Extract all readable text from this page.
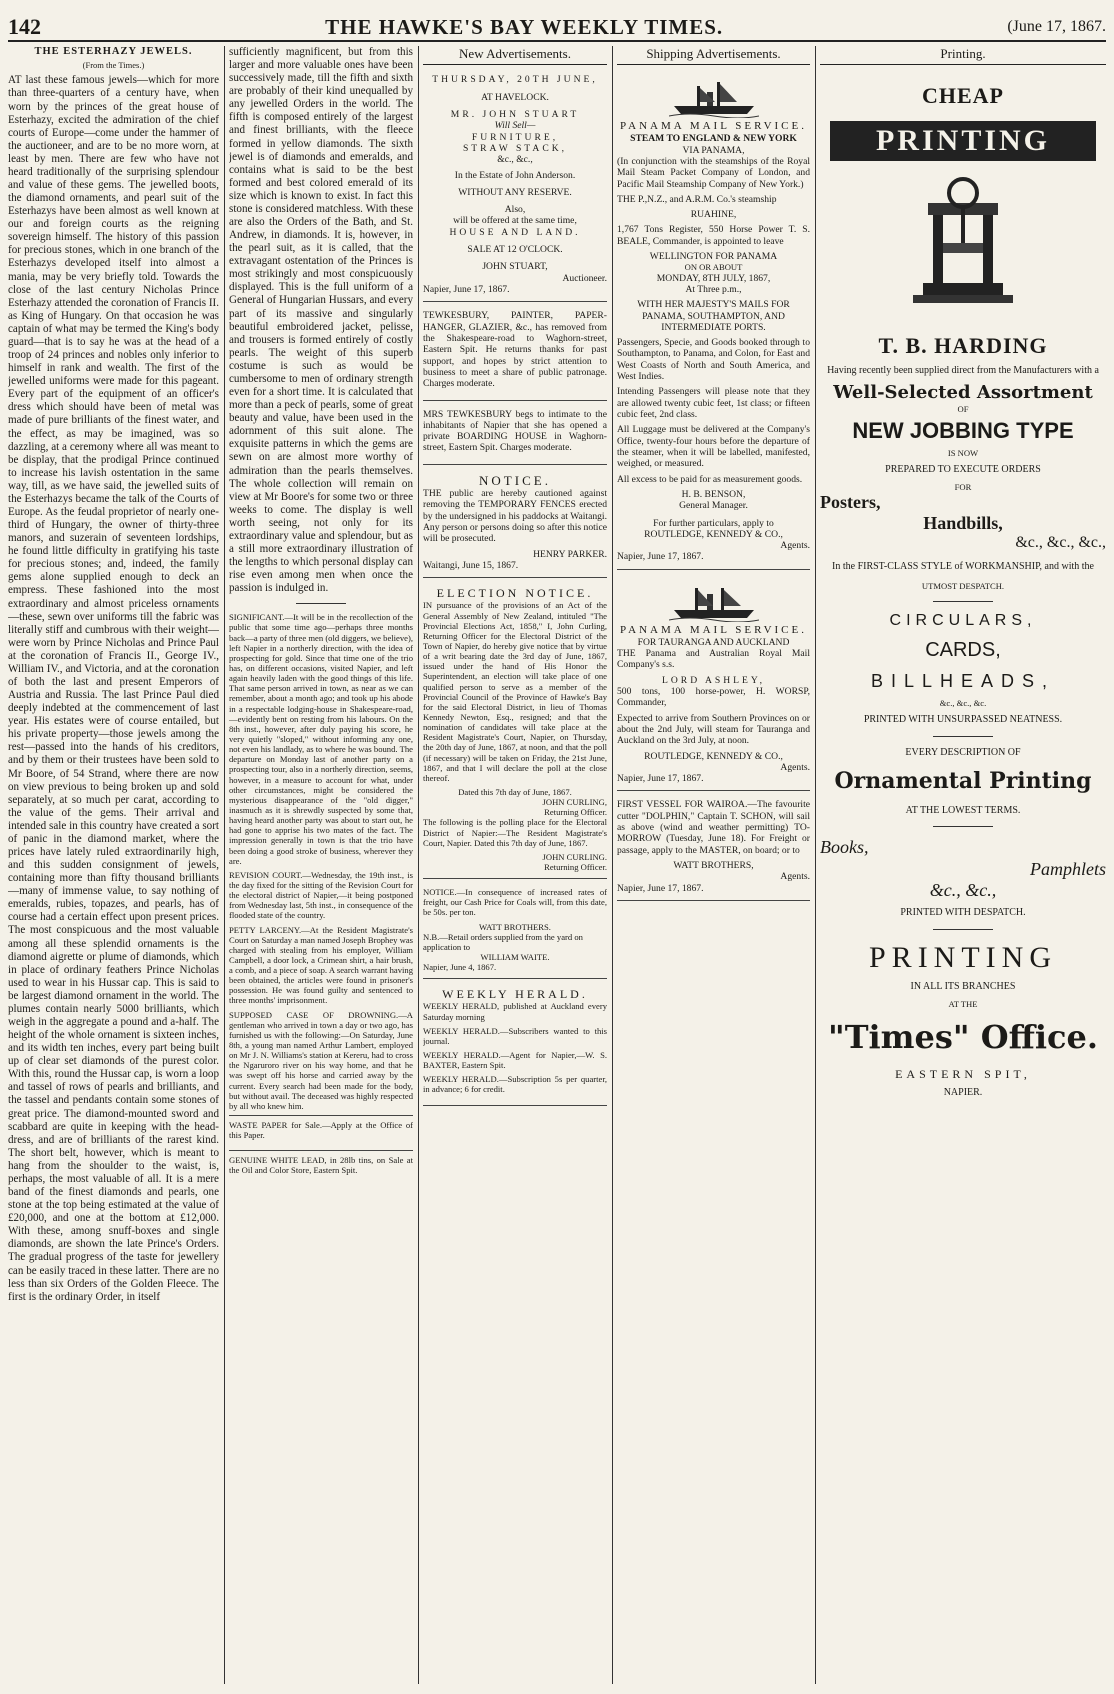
142	THE HAWKE'S BAY WEEKLY TIMES.	(June 17, 1867.
THE ESTERHAZY JEWELS.
(From the Times.)

AT last these famous jewels—which for more than three-quarters of a century have, when worn by the princes of the great house of Esterhazy, excited the admiration of the chief courts of Europe—come under the hammer of the auctioneer, and are to be no more worn, at least by men. There are few who have not heard traditionally of the surprising splendour and value of these gems. The jewelled boots, the diamond ornaments, and pearl suit of the Esterhazys have been almost as well known at our and foreign courts as the reigning sovereign himself. The history of this passion for precious stones, which in one branch of the Esterhazys developed itself into almost a mania, may be very briefly told. Towards the close of the last century Nicholas Prince Esterhazy attended the coronation of Francis II. as King of Hungary. On that occasion he was captain of what may be termed the King's body guard—that is to say he was at the head of a troop of 24 princes and nobles only inferior to himself in rank and wealth. The first of the jewelled uniforms were made for this pageant. Every part of the equipment of an officer's dress which should have been of metal was made of pure brilliants of the finest water, and the effect, as may be imagined, was so dazzling, at a ceremony where all was meant to be display, that the prodigal Prince continued to increase his lavish ostentation in the same way, till, as we have said, the jewelled suits of the Esterhazys became the talk of the Courts of Europe. As the feudal proprietor of nearly one-third of Hungary, the owner of thirty-three manors, and suzerain of seventeen lordships, he found little difficulty in gratifying his taste for precious stones; and, indeed, the family gems alone supplied enough to deck an empress. These fashioned into the most extraordinary and almost priceless ornaments—these, sewn over uniforms till the fabric was literally stiff and cumbrous with their weight—were worn by Prince Nicholas and Prince Paul at the coronation of Francis II., George IV., William IV., and Victoria, and at the coronation of both the last and present Emperors of Austria and Russia. The last Prince Paul died deeply indebted at the commencement of last year. His estates were of course entailed, but his private property—those jewels among the rest—passed into the hands of his creditors, and by them or their trustees have been sold to Mr Boore, of 54 Strand, where there are now on view previous to being broken up and sold separately, at so much per carat, according to the value of the gems. Their arrival and intended sale in this country have created a sort of panic in the diamond market, where the prices have lately ruled extraordinarily high, and this sudden consignment of jewels, containing more than fifty thousand brilliants—many of immense value, to say nothing of emeralds, rubies, topazes, and pearls, has of course had a certain effect upon present prices. The most conspicuous and the most valuable among all these splendid ornaments is the diamond aigrette or plume of diamonds, which in place of ordinary feathers Prince Nicholas used to wear in his Hussar cap. This is said to be largest diamond ornament in the world. The plumes contain nearly 5000 brilliants, which weigh in the aggregate a pound and a-half. The height of the whole ornament is sixteen inches, and its width ten inches, every part being built up of clear set diamonds of the purest color. With this, round the Hussar cap, is worn a loop and tassel of rows of pearls and brilliants, and the tassel and pendants contain some stones of great price. The diamond-mounted sword and scabbard are quite in keeping with the head-dress, and are of brilliants of the rarest kind. The short belt, however, which is meant to hang from the shoulder to the waist, is, perhaps, the most valuable of all. It is a mere band of the finest diamonds and pearls, one stone at the top being estimated at the value of £20,000, and one at the bottom at £12,000. With these, among snuff-boxes and single diamonds, are shown the late Prince's Orders. The gradual progress of the taste for jewellery can be easily traced in these latter. There are no less than six Orders of the Golden Fleece. The first is the ordinary Order, in itself

sufficiently magnificent, but from this larger and more valuable ones have been successively made, till the fifth and sixth are probably of their kind unequalled by any jewelled Orders in the world. The fifth is composed entirely of the largest and finest brilliants, with the fleece formed in yellow diamonds. The sixth jewel is of diamonds and emeralds, and contains what is said to be the best formed and best colored emerald of its size which is known to exist. In fact this stone is considered matchless. With these are also the Orders of the Bath, and St. Andrew, in diamonds. It is, however, in the pearl suit, as it is called, that the extravagant ostentation of the Princes is most strikingly and most conspicuously displayed. This is the full uniform of a General of Hungarian Hussars, and every part of its massive and singularly beautiful embroidered jacket, pelisse, and trousers is formed entirely of costly pearls. The weight of this superb costume is such as would be cumbersome to men of ordinary strength even for a short time. It is calculated that more than a peck of pearls, some of great beauty and value, have been used in the adornment of this suit alone. The exquisite patterns in which the gems are sewn on are almost more worthy of admiration than the pearls themselves. The whole collection will remain on view at Mr Boore's for some two or three weeks to come. The display is well worth seeing, not only for its extraordinary value and splendour, but as a still more extraordinary illustration of the lengths to which personal display can rise even among men when once the passion is indulged in.

SIGNIFICANT.—It will be in the recollection of the public that some time ago—perhaps three months back—a party of three men (old diggers, we believe), left Napier in a northerly direction, with the idea of prospecting for gold. Since that time one of the trio has, on different occasions, visited Napier, and left again heavily laden with the good things of this life. That same person arrived in town, as near as we can remember, about a month ago; and took up his abode in a respectable lodging-house in Shakespeare-road,—evidently bent on resting from his labours. On the 8th inst., however, after duly paying his score, he very quietly "sloped," without informing any one, not even his landlady, as to where he was bound. The departure on Monday last of another party on a prospecting tour, also in a northerly direction, seems, however, in a measure to account for what, under other circumstances, might be considered the mysterious disappearance of the "old digger," inasmuch as it is shrewdly suspected by some that, having heard another party was about to start out, he had gone to apprise his two mates of the fact. The impression generally in town is that the trio have been doing a good stroke of business, wherever they are.

REVISION COURT.—Wednesday, the 19th inst., is the day fixed for the sitting of the Revision Court for the electoral district of Napier,—it being postponed from Wednesday last, 5th inst., in consequence of the flooded state of the country.

PETTY LARCENY.—At the Resident Magistrate's Court on Saturday a man named Joseph Brophey was charged with stealing from his employer, William Campbell, a door lock, a Crimean shirt, a hair brush, a comb, and a piece of soap. A search warrant having been obtained, the articles were found in prisoner's possession. He was found guilty and sentenced to three months' imprisonment.

SUPPOSED CASE OF DROWNING.—A gentleman who arrived in town a day or two ago, has furnished us with the following:—On Saturday, June 8th, a young man named Arthur Lambert, employed on Mr J. N. Williams's station at Kereru, had to cross the Ngaruroro river on his way home, and that he was swept off his horse and carried away by the current. Every search had been made for the body, but without avail. The deceased was highly respected by all who knew him.

WASTE PAPER for Sale.—Apply at the Office of this Paper.

GENUINE WHITE LEAD, in 28lb tins, on Sale at the Oil and Color Store, Eastern Spit.

New Advertisements.
THURSDAY, 20TH JUNE,
AT HAVELOCK.
MR. JOHN STUART
Will Sell—
FURNITURE,
STRAW STACK,
&c., &c.,
In the Estate of John Anderson.
WITHOUT ANY RESERVE.
Also,
will be offered at the same time,
HOUSE AND LAND.
SALE AT 12 O'CLOCK.
JOHN STUART,
Auctioneer.
Napier, June 17, 1867.

TEWKESBURY, PAINTER, PAPER-HANGER, GLAZIER, &c., has removed from the Shakespeare-road to Waghorn-street, Eastern Spit. He returns thanks for past support, and hopes by strict attention to business to meet a share of public patronage. Charges moderate.

MRS TEWKESBURY begs to intimate to the inhabitants of Napier that she has opened a private BOARDING HOUSE in Waghorn-street, Eastern Spit. Charges moderate.

NOTICE.

THE public are hereby cautioned against removing the TEMPORARY FENCES erected by the undersigned in his paddocks at Waitangi. Any person or persons doing so after this notice will be prosecuted.

HENRY PARKER.
Waitangi, June 15, 1867.
ELECTION NOTICE.

IN pursuance of the provisions of an Act of the General Assembly of New Zealand, intituled "The Provincial Elections Act, 1858," I, John Curling, Returning Officer for the Electoral District of the Town of Napier, do hereby give notice that by virtue of a writ bearing date the 3rd day of June, 1867, issued under the hand of His Honor the Superintendent, an election will take place of one qualified person to serve as a member of the Provincial Council of the Province of Hawke's Bay for the said Electoral District, in lieu of Thomas Kennedy Newton, Esq., resigned; and that the nomination of candidates will take place at the Resident Magistrate's Court, Napier, on Thursday, the 20th day of June, 1867, at noon, and that the poll (if necessary) will be taken on Friday, the 21st June, 1867, and that I will declare the poll at the close thereof.

Dated this 7th day of June, 1867.
JOHN CURLING,
Returning Officer.

The following is the polling place for the Electoral District of Napier:—The Resident Magistrate's Court, Napier. Dated this 7th day of June, 1867.

JOHN CURLING.
Returning Officer.

NOTICE.—In consequence of increased rates of freight, our Cash Price for Coals will, from this date, be 50s. per ton.

WATT BROTHERS.
N.B.—Retail orders supplied from the yard on application to
WILLIAM WAITE.
Napier, June 4, 1867.
WEEKLY HERALD.

WEEKLY HERALD, published at Auckland every Saturday morning

WEEKLY HERALD.—Subscribers wanted to this journal.

WEEKLY HERALD.—Agent for Napier,—W. S. BAXTER, Eastern Spit.

WEEKLY HERALD.—Subscription 5s per quarter, in advance; 6 for credit.

Shipping Advertisements.
PANAMA MAIL SERVICE.
STEAM TO ENGLAND & NEW YORK
VIA PANAMA,

(In conjunction with the steamships of the Royal Mail Steam Packet Company of London, and Pacific Mail Steamship Company of New York.)

THE P.,N.Z., and A.R.M. Co.'s steamship
RUAHINE,

1,767 Tons Register, 550 Horse Power T. S. BEALE, Commander, is appointed to leave

WELLINGTON FOR PANAMA
ON OR ABOUT
MONDAY, 8TH JULY, 1867,
At Three p.m.,
WITH HER MAJESTY'S MAILS FOR PANAMA, SOUTHAMPTON, AND INTERMEDIATE PORTS.

Passengers, Specie, and Goods booked through to Southampton, to Panama, and Colon, for East and West Coasts of North and South America, and West Indies.

Intending Passengers will please note that they are allowed twenty cubic feet, 1st class; or fifteen cubic feet, 2nd class.

All Luggage must be delivered at the Company's Office, twenty-four hours before the departure of the steamer, when it will be labelled, manifested, weighed, or measured.

All excess to be paid for as measurement goods.

H. B. BENSON,
General Manager.
For further particulars, apply to
ROUTLEDGE, KENNEDY & CO.,
Agents.
Napier, June 17, 1867.
PANAMA MAIL SERVICE.
FOR TAURANGA AND AUCKLAND

THE Panama and Australian Royal Mail Company's s.s.

LORD ASHLEY,

500 tons, 100 horse-power, H. WORSP, Commander,

Expected to arrive from Southern Provinces on or about the 2nd July, will steam for Tauranga and Auckland on the 3rd July, at noon.

ROUTLEDGE, KENNEDY & CO.,
Agents.
Napier, June 17, 1867.

FIRST VESSEL FOR WAIROA.—The favourite cutter "DOLPHIN," Captain T. SCHON, will sail as above (wind and weather permitting) TO-MORROW (Tuesday, June 18). For Freight or passage, apply to the MASTER, on board; or to

WATT BROTHERS,
Agents.
Napier, June 17, 1867.
Printing.
CHEAP
PRINTING
T. B. HARDING
Having recently been supplied direct from the Manufacturers with a
Well-Selected Assortment
OF
NEW JOBBING TYPE
IS NOW
PREPARED TO EXECUTE ORDERS
FOR
Posters,
Handbills,
&c., &c., &c.,
In the FIRST-CLASS STYLE of WORKMANSHIP, and with the
UTMOST DESPATCH.
CIRCULARS,
CARDS,
BILLHEADS,
&c., &c., &c.
PRINTED WITH UNSURPASSED NEATNESS.
EVERY DESCRIPTION OF
Ornamental Printing
AT THE LOWEST TERMS.
Books,
Pamphlets
&c., &c.,
PRINTED WITH DESPATCH.
PRINTING
IN ALL ITS BRANCHES
AT THE
"Times" Office.
EASTERN SPIT,
NAPIER.
